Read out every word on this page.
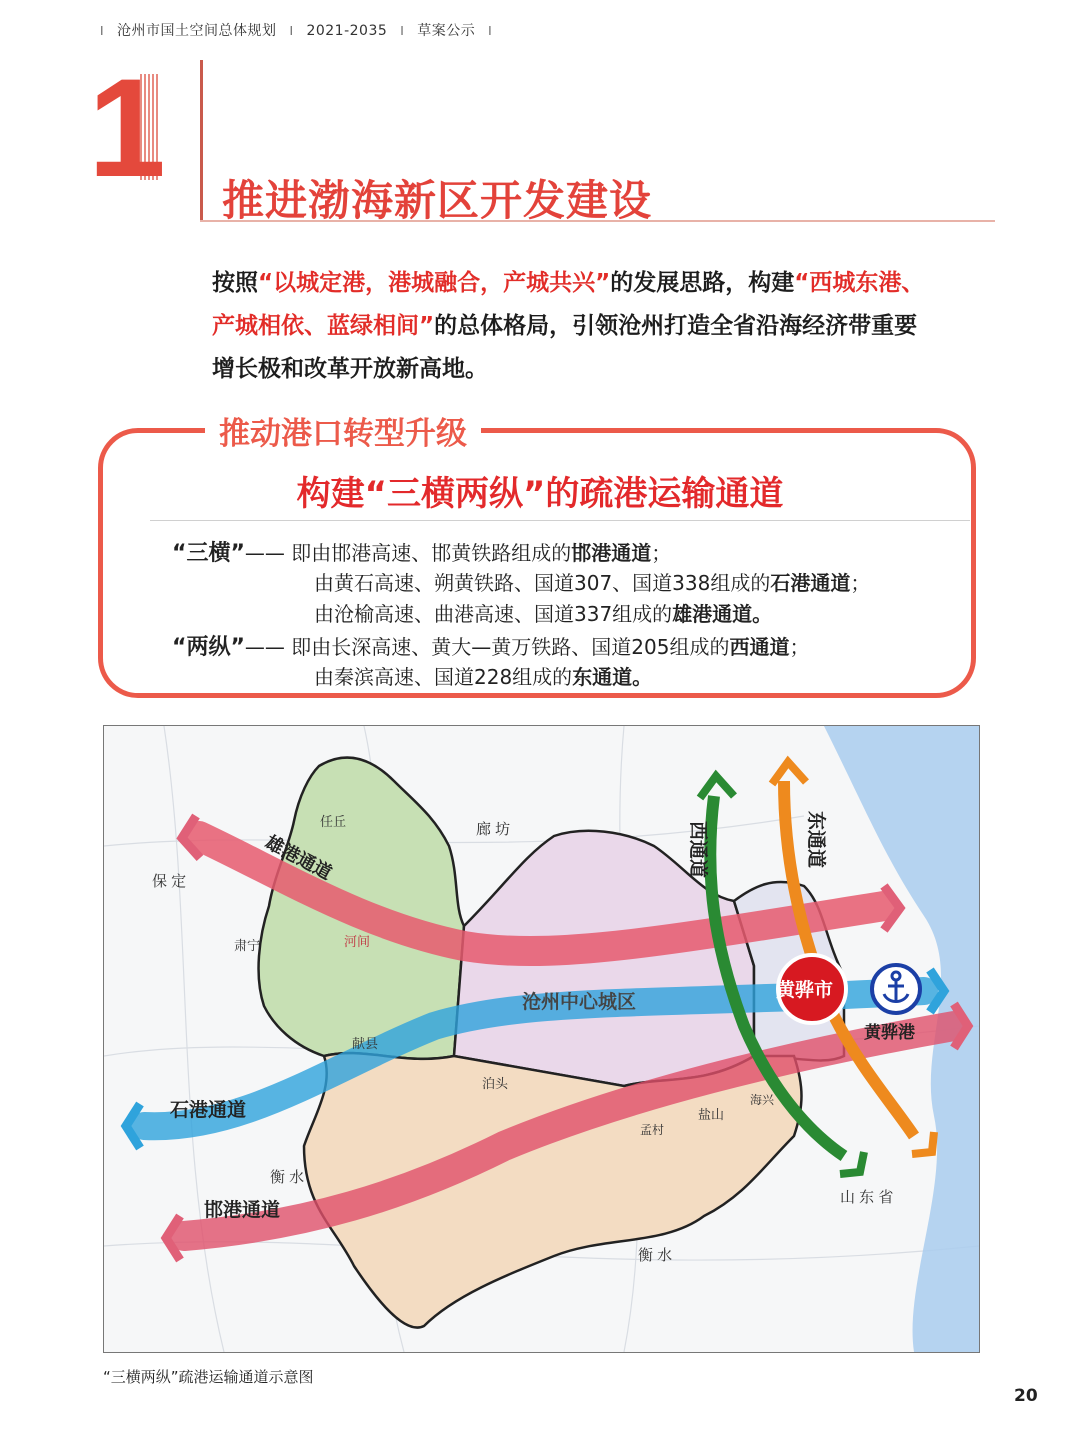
I 沧州市国土空间总体规划 I 2021-2035 I 草案公示 I
1 推进渤海新区开发建设
按照“以城定港，港城融合，产城共兴”的发展思路，构建“西城东港、产城相依、蓝绿相间”的总体格局，引领沧州打造全省沿海经济带重要增长极和改革开放新高地。
推动港口转型升级
构建“三横两纵”的疏港运输通道
“三横”—— 即由邯港高速、邯黄铁路组成的邯港通道；
由黄石高速、朔黄铁路、国道307、国道338组成的石港通道；
由沧榆高速、曲港高速、国道337组成的雄港通道。
“两纵”—— 即由长深高速、黄大—黄万铁路、国道205组成的西通道；
由秦滨高速、国道228组成的东通道。
雄港通道
石港通道
邯港通道
西通道	东通道
沧州中心城区
黄骅市
黄骅港
任丘	廊 坊
保 定
肃宁	河间
献县
泊头
孟村
盐山
海兴
衡 水
衡 水
山 东 省
“三横两纵”疏港运输通道示意图
20
